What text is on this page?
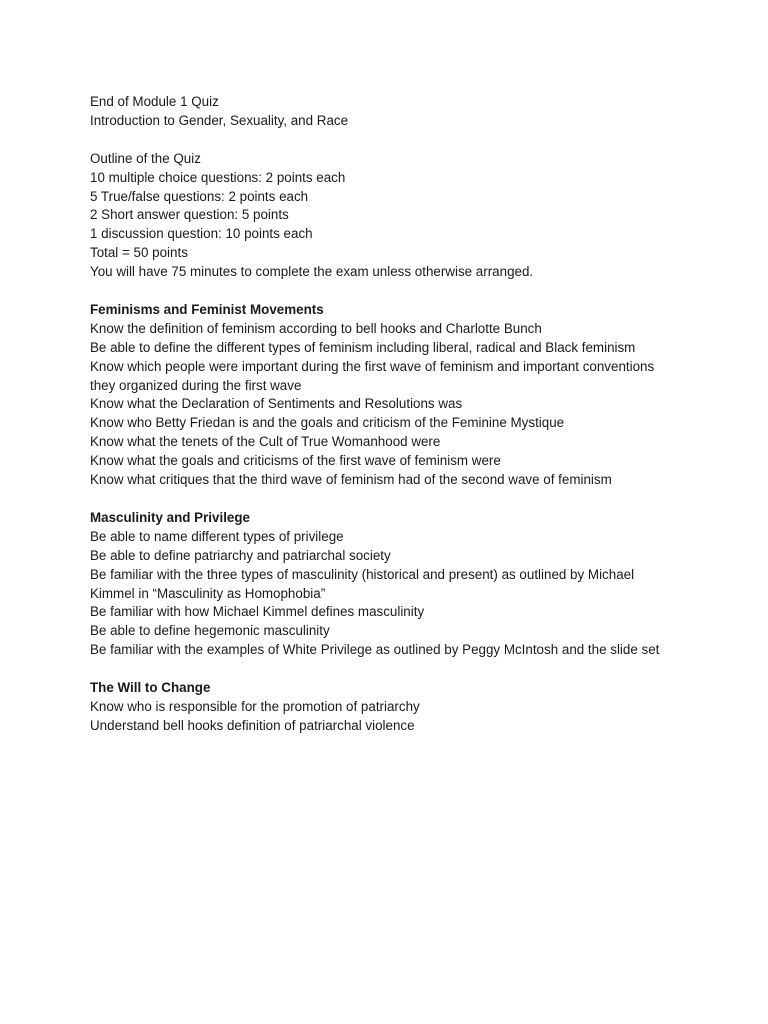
End of Module 1 Quiz
Introduction to Gender, Sexuality, and Race
Outline of the Quiz
10 multiple choice questions: 2 points each
5 True/false questions: 2 points each
2 Short answer question: 5 points
1 discussion question: 10 points each
Total = 50 points
You will have 75 minutes to complete the exam unless otherwise arranged.
Feminisms and Feminist Movements
Know the definition of feminism according to bell hooks and Charlotte Bunch
Be able to define the different types of feminism including liberal, radical and Black feminism
Know which people were important during the first wave of feminism and important conventions they organized during the first wave
Know what the Declaration of Sentiments and Resolutions was
Know who Betty Friedan is and the goals and criticism of the Feminine Mystique
Know what the tenets of the Cult of True Womanhood were
Know what the goals and criticisms of the first wave of feminism were
Know what critiques that the third wave of feminism had of the second wave of feminism
Masculinity and Privilege
Be able to name different types of privilege
Be able to define patriarchy and patriarchal society
Be familiar with the three types of masculinity (historical and present) as outlined by Michael Kimmel in “Masculinity as Homophobia”
Be familiar with how Michael Kimmel defines masculinity
Be able to define hegemonic masculinity
Be familiar with the examples of White Privilege as outlined by Peggy McIntosh and the slide set
The Will to Change
Know who is responsible for the promotion of patriarchy
Understand bell hooks definition of patriarchal violence
